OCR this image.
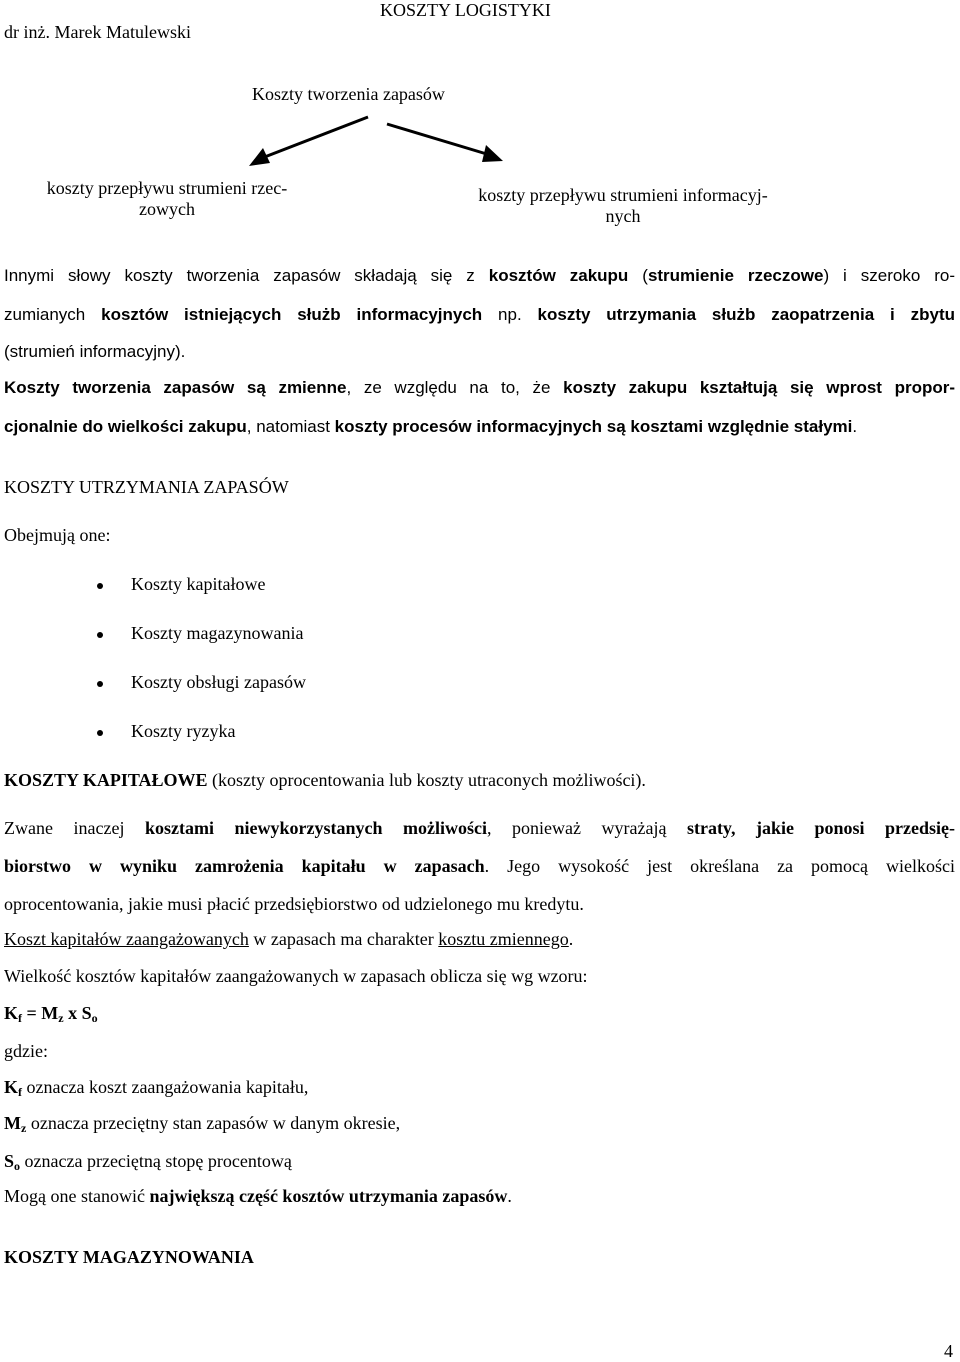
dr inż. Marek Matulewski
KOSZTY LOGISTYKI
Koszty tworzenia zapasów
koszty przepływu strumieni rzec-
zowych
koszty przepływu strumieni informacyj-
nych
Innymi słowy koszty tworzenia zapasów składają się z kosztów zakupu (strumienie rzeczowe) i szeroko ro-
zumianych kosztów istniejących służb informacyjnych np. koszty utrzymania służb zaopatrzenia i zbytu
(strumień informacyjny).
Koszty tworzenia zapasów są zmienne, ze względu na to, że koszty zakupu kształtują się wprost propor-
cjonalnie do wielkości zakupu, natomiast koszty procesów informacyjnych są kosztami względnie stałymi.
KOSZTY UTRZYMANIA ZAPASÓW
Obejmują one:
Koszty kapitałowe
Koszty magazynowania
Koszty obsługi zapasów
Koszty ryzyka
KOSZTY KAPITAŁOWE (koszty oprocentowania lub koszty utraconych możliwości).
Zwane inaczej kosztami niewykorzystanych możliwości, ponieważ wyrażają straty, jakie ponosi przedsię-
biorstwo w wyniku zamrożenia kapitału w zapasach. Jego wysokość jest określana za pomocą wielkości
oprocentowania, jakie musi płacić przedsiębiorstwo od udzielonego mu kredytu.
Koszt kapitałów zaangażowanych w zapasach ma charakter kosztu zmiennego.
Wielkość kosztów kapitałów zaangażowanych w zapasach oblicza się wg wzoru:
$K_f = M_z$ x $S_o$
gdzie:
$K_f$ oznacza koszt zaangażowania kapitału,
$M_z$ oznacza przeciętny stan zapasów w danym okresie,
$S_o$ oznacza przeciętną stopę procentową
Mogą one stanowić największą część kosztów utrzymania zapasów.
KOSZTY MAGAZYNOWANIA
4
